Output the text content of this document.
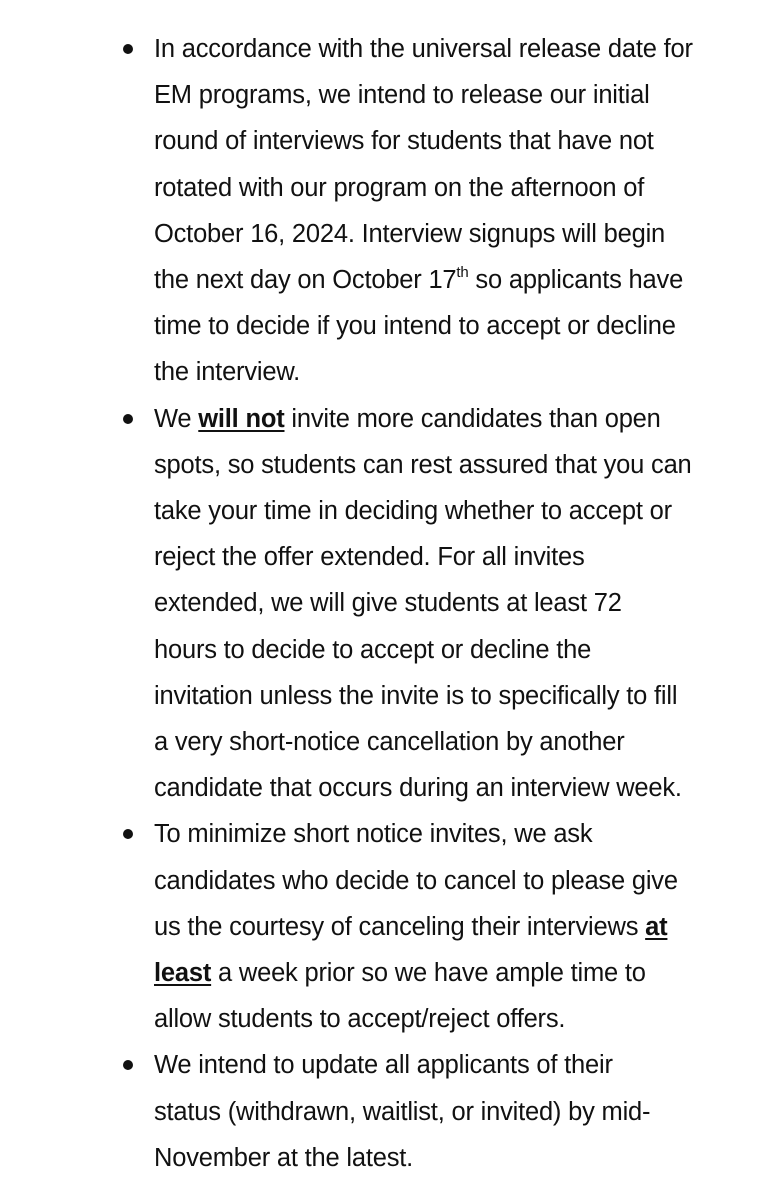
In accordance with the universal release date for
EM programs, we intend to release our initial
round of interviews for students that have not
rotated with our program on the afternoon of
October 16, 2024. Interview signups will begin
the next day on October 17th so applicants have
time to decide if you intend to accept or decline
the interview.
We will not invite more candidates than open
spots, so students can rest assured that you can
take your time in deciding whether to accept or
reject the offer extended. For all invites
extended, we will give students at least 72
hours to decide to accept or decline the
invitation unless the invite is to specifically to fill
a very short-notice cancellation by another
candidate that occurs during an interview week.
To minimize short notice invites, we ask
candidates who decide to cancel to please give
us the courtesy of canceling their interviews at
least a week prior so we have ample time to
allow students to accept/reject offers.
We intend to update all applicants of their
status (withdrawn, waitlist, or invited) by mid-
November at the latest.
